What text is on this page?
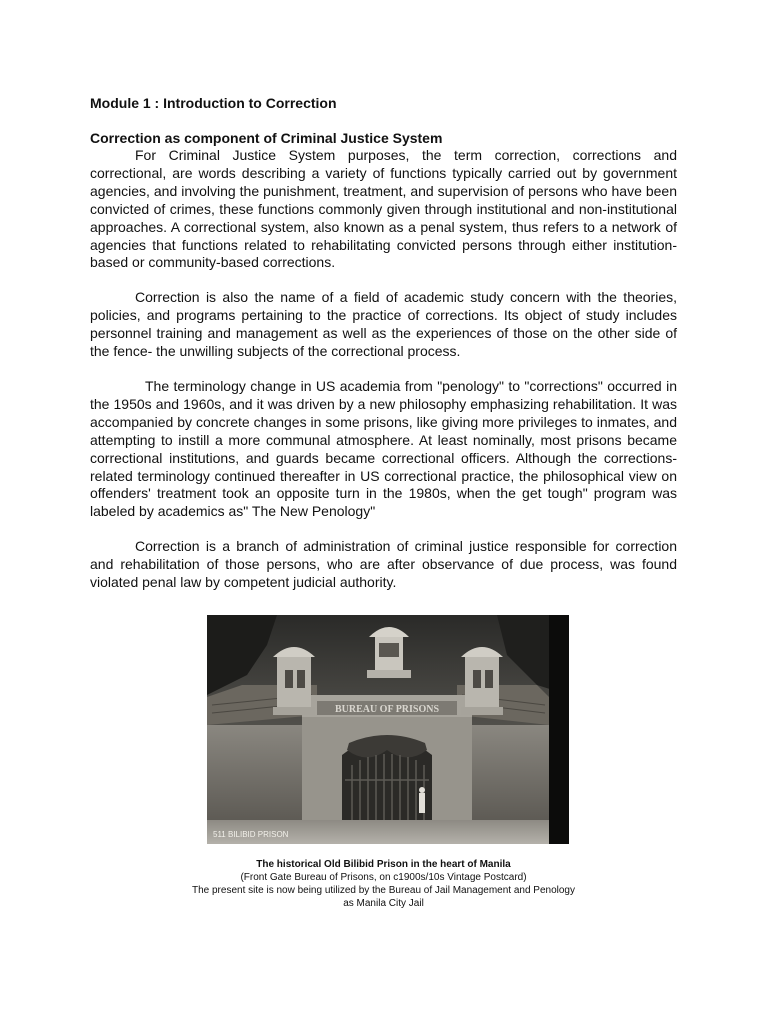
Module 1 : Introduction to Correction

Correction as component of Criminal Justice System

For Criminal Justice System purposes, the term correction, corrections and correctional, are words describing a variety of functions typically carried out by government agencies, and involving the punishment, treatment, and supervision of persons who have been convicted of crimes, these functions commonly given through institutional and non-institutional approaches. A correctional system, also known as a penal system, thus refers to a network of agencies that functions related to rehabilitating convicted persons through either institution-based or community-based corrections.

Correction is also the name of a field of academic study concern with the theories, policies, and programs pertaining to the practice of corrections. Its object of study includes personnel training and management as well as the experiences of those on the other side of the fence- the unwilling subjects of the correctional process.

The terminology change in US academia from "penology" to "corrections" occurred in the 1950s and 1960s, and it was driven by a new philosophy emphasizing rehabilitation. It was accompanied by concrete changes in some prisons, like giving more privileges to inmates, and attempting to instill a more communal atmosphere. At least nominally, most prisons became correctional institutions, and guards became correctional officers. Although the corrections-related terminology continued thereafter in US correctional practice, the philosophical view on offenders' treatment took an opposite turn in the 1980s, when the get tough" program was labeled by academics as" The New Penology"

Correction is a branch of administration of criminal justice responsible for correction and rehabilitation of those persons, who are after observance of due process, was found violated penal law by competent judicial authority.

BUREAU OF PRISONS
511 BILIBID PRISON
The historical Old Bilibid Prison in the heart of Manila
(Front Gate Bureau of Prisons, on c1900s/10s Vintage Postcard)
The present site is now being utilized by the Bureau of Jail Management and Penology
as Manila City Jail
